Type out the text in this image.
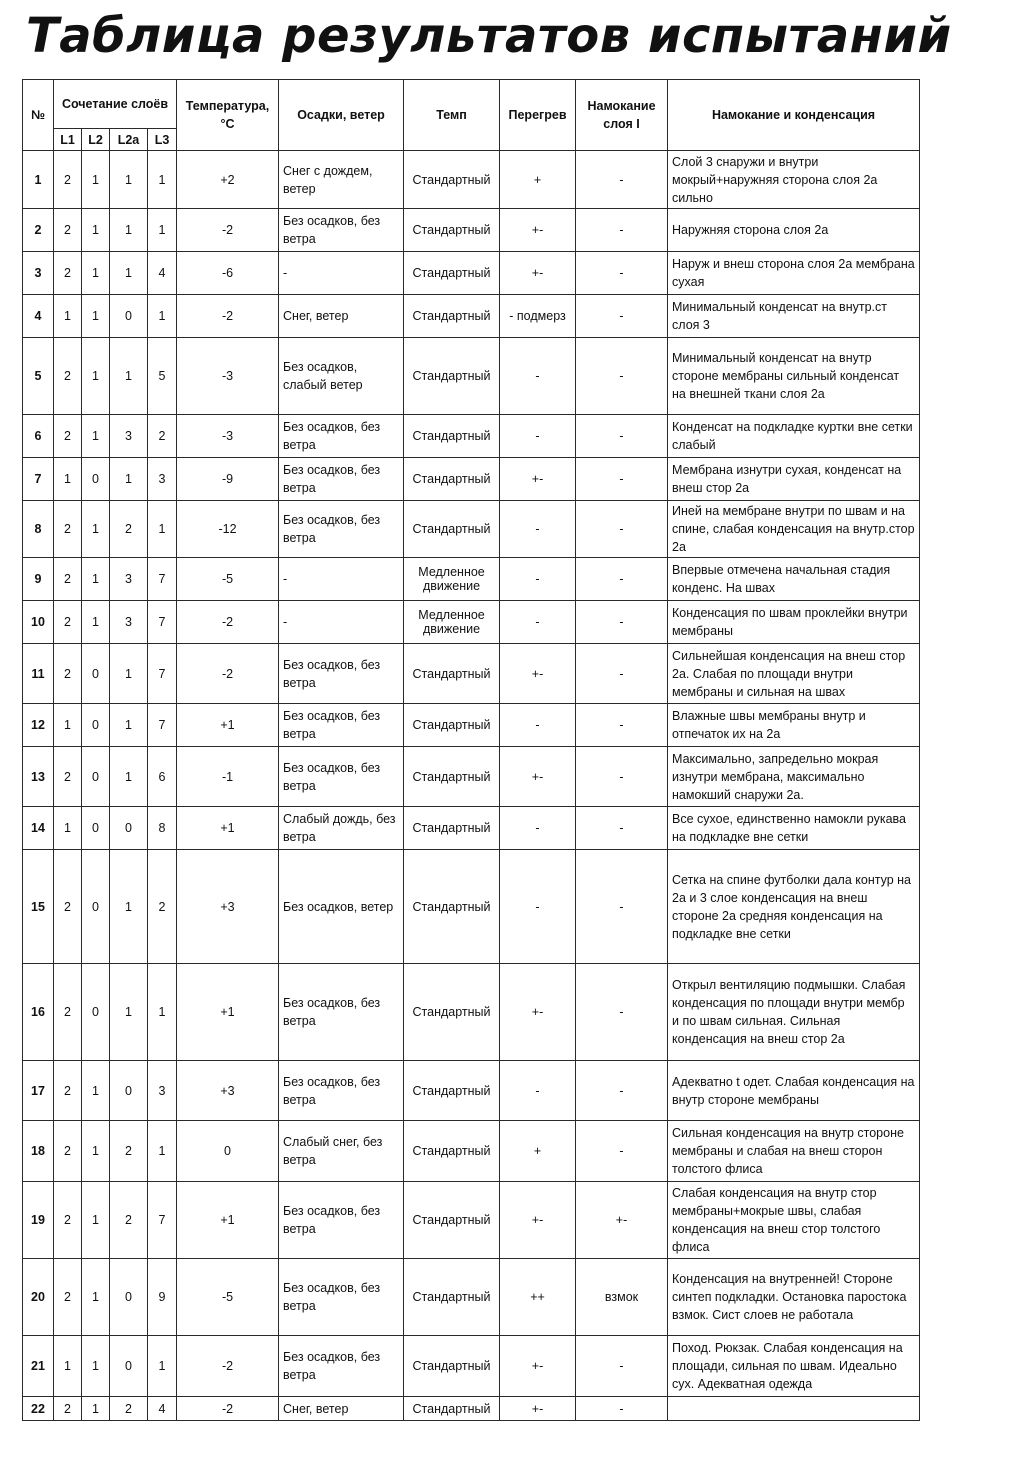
Таблица результатов испытаний
№	Сочетание слоёв				Температура, °C	Осадки, ветер	Темп	Перегрев	Намокание слоя I	Намокание и конденсация
	L1	L2	L2a	L3						
1	2	1	1	1	+2	Снег с дождем, ветер	Стандартный	+	-	Слой 3 снаружи и внутри мокрый+наружняя сторона слоя 2а сильно
2	2	1	1	1	-2	Без осадков, без ветра	Стандартный	+-	-	Наружняя сторона слоя 2а
3	2	1	1	4	-6	-	Стандартный	+-	-	Наруж и внеш сторона слоя 2а мембрана сухая
4	1	1	0	1	-2	Снег, ветер	Стандартный	- подмерз	-	Минимальный конденсат на внутр.ст слоя 3
5	2	1	1	5	-3	Без осадков, слабый ветер	Стандартный	-	-	Минимальный конденсат на внутр стороне мембраны сильный конденсат на внешней ткани слоя 2а
6	2	1	3	2	-3	Без осадков, без ветра	Стандартный	-	-	Конденсат на подкладке куртки вне сетки слабый
7	1	0	1	3	-9	Без осадков, без ветра	Стандартный	+-	-	Мембрана изнутри сухая, конденсат на внеш стор 2а
8	2	1	2	1	-12	Без осадков, без ветра	Стандартный	-	-	Иней на мембране внутри по швам и на спине, слабая конденсация на внутр.стор 2а
9	2	1	3	7	-5	-	Медленное движение	-	-	Впервые отмечена начальная стадия конденс. На швах
10	2	1	3	7	-2	-	Медленное движение	-	-	Конденсация по швам проклейки внутри мембраны
11	2	0	1	7	-2	Без осадков, без ветра	Стандартный	+-	-	Сильнейшая конденсация на внеш стор 2а. Слабая по площади внутри мембраны и сильная на швах
12	1	0	1	7	+1	Без осадков, без ветра	Стандартный	-	-	Влажные швы мембраны внутр и отпечаток их на 2а
13	2	0	1	6	-1	Без осадков, без ветра	Стандартный	+-	-	Максимально, запредельно мокрая изнутри мембрана, максимально намокший снаружи 2а.
14	1	0	0	8	+1	Слабый дождь, без ветра	Стандартный	-	-	Все сухое, единственно намокли рукава на подкладке вне сетки
15	2	0	1	2	+3	Без осадков, ветер	Стандартный	-	-	Сетка на спине футболки дала контур на 2а и 3 слое конденсация на внеш стороне 2а средняя конденсация на подкладке вне сетки
16	2	0	1	1	+1	Без осадков, без ветра	Стандартный	+-	-	Открыл вентиляцию подмышки. Слабая конденсация по площади внутри мембр и по швам сильная. Сильная конденсация на внеш стор 2а
17	2	1	0	3	+3	Без осадков, без ветра	Стандартный	-	-	Адекватно t одет. Слабая конденсация на внутр стороне мембраны
18	2	1	2	1	0	Слабый снег, без ветра	Стандартный	+	-	Сильная конденсация на внутр стороне мембраны и слабая на внеш сторон толстого флиса
19	2	1	2	7	+1	Без осадков, без ветра	Стандартный	+-	+-	Слабая конденсация на внутр стор мембраны+мокрые швы, слабая конденсация на внеш стор толстого флиса
20	2	1	0	9	-5	Без осадков, без ветра	Стандартный	++	взмок	Конденсация на внутренней! Стороне синтеп подкладки. Остановка паростока взмок. Сист слоев не работала
21	1	1	0	1	-2	Без осадков, без ветра	Стандартный	+-	-	Поход. Рюкзак. Слабая конденсация на площади, сильная по швам. Идеально сух. Адекватная одежда
22	2	1	2	4	-2	Снег, ветер	Стандартный	+-	-	
